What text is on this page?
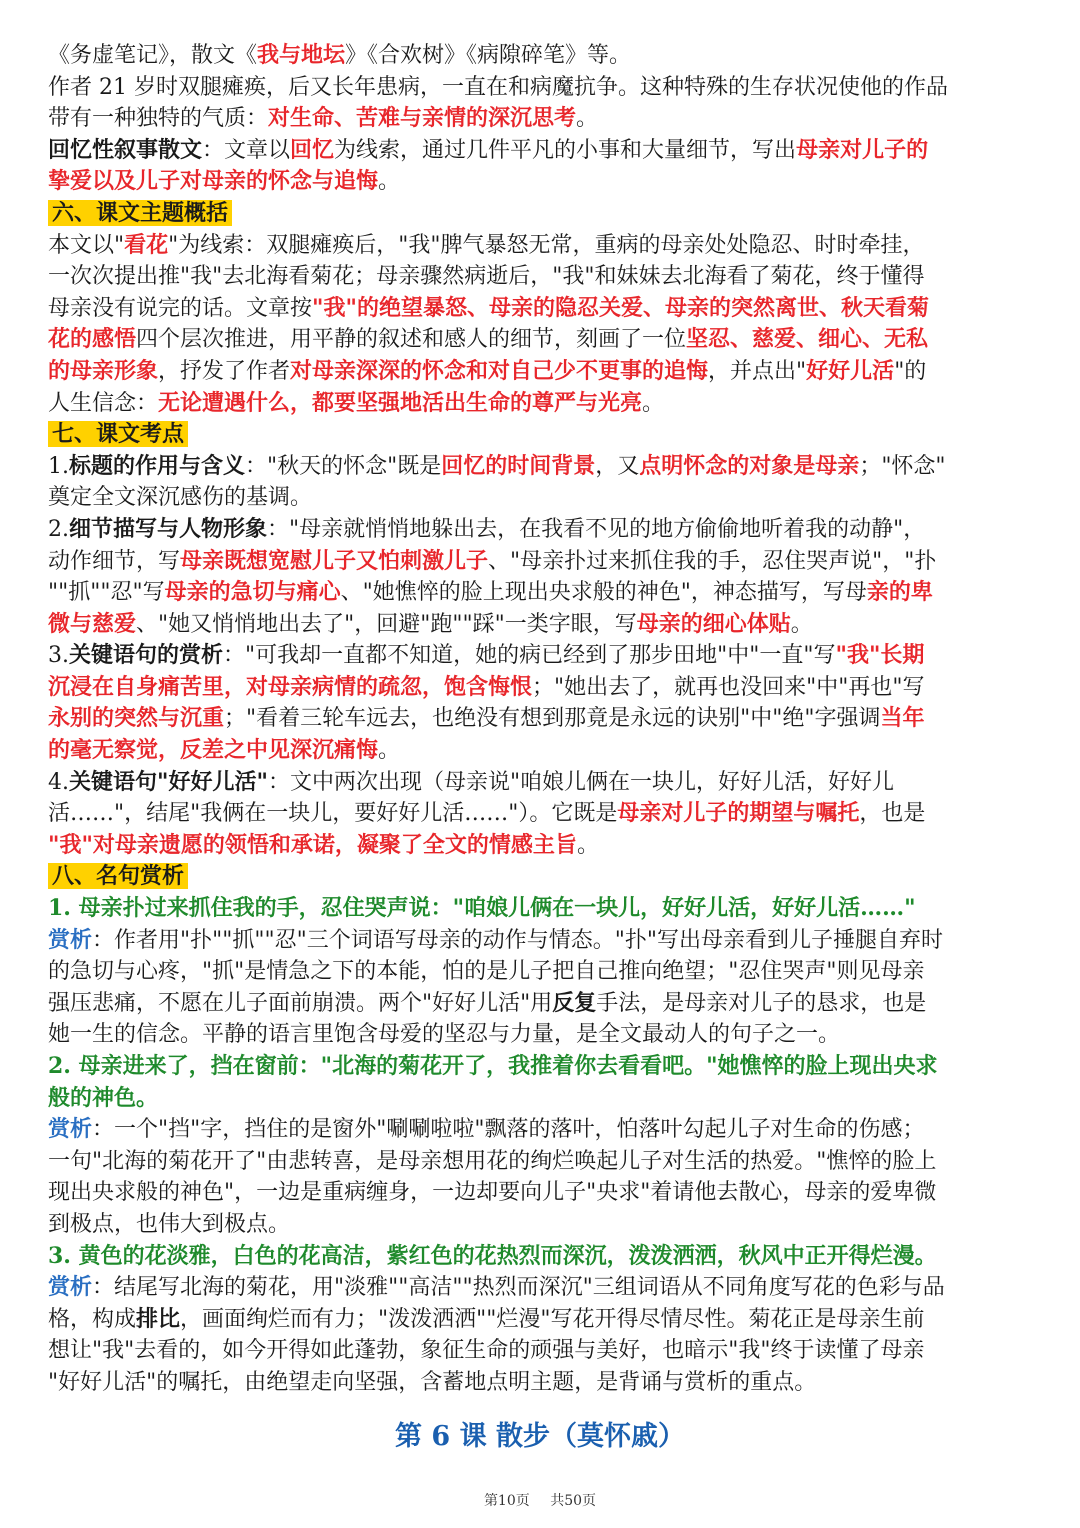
《务虚笔记》，散文《我与地坛》《合欢树》《病隙碎笔》等。
作者 21 岁时双腿瘫痪，后又长年患病，一直在和病魔抗争。这种特殊的生存状况使他的作品
带有一种独特的气质：对生命、苦难与亲情的深沉思考。
回忆性叙事散文：文章以回忆为线索，通过几件平凡的小事和大量细节，写出母亲对儿子的
挚爱以及儿子对母亲的怀念与追悔。
六、课文主题概括
本文以"看花"为线索：双腿瘫痪后，"我"脾气暴怒无常，重病的母亲处处隐忍、时时牵挂，
一次次提出推"我"去北海看菊花；母亲骤然病逝后，"我"和妹妹去北海看了菊花，终于懂得
母亲没有说完的话。文章按"我"的绝望暴怒、母亲的隐忍关爱、母亲的突然离世、秋天看菊
花的感悟四个层次推进，用平静的叙述和感人的细节，刻画了一位坚忍、慈爱、细心、无私
的母亲形象，抒发了作者对母亲深深的怀念和对自己少不更事的追悔，并点出"好好儿活"的
人生信念：无论遭遇什么，都要坚强地活出生命的尊严与光亮。
七、课文考点
1.标题的作用与含义："秋天的怀念"既是回忆的时间背景，又点明怀念的对象是母亲；"怀念"
奠定全文深沉感伤的基调。
2.细节描写与人物形象："母亲就悄悄地躲出去，在我看不见的地方偷偷地听着我的动静"，
动作细节，写母亲既想宽慰儿子又怕刺激儿子、"母亲扑过来抓住我的手，忍住哭声说"，"扑
""抓""忍"写母亲的急切与痛心、"她憔悴的脸上现出央求般的神色"，神态描写，写母亲的卑
微与慈爱、"她又悄悄地出去了"，回避"跑""踩"一类字眼，写母亲的细心体贴。
3.关键语句的赏析："可我却一直都不知道，她的病已经到了那步田地"中"一直"写"我"长期
沉浸在自身痛苦里，对母亲病情的疏忽，饱含悔恨；"她出去了，就再也没回来"中"再也"写
永别的突然与沉重；"看着三轮车远去，也绝没有想到那竟是永远的诀别"中"绝"字强调当年
的毫无察觉，反差之中见深沉痛悔。
4.关键语句"好好儿活"：文中两次出现（母亲说"咱娘儿俩在一块儿，好好儿活，好好儿
活……"，结尾"我俩在一块儿，要好好儿活……"）。它既是母亲对儿子的期望与嘱托，也是
"我"对母亲遗愿的领悟和承诺，凝聚了全文的情感主旨。
八、名句赏析
1. 母亲扑过来抓住我的手，忍住哭声说："咱娘儿俩在一块儿，好好儿活，好好儿活……"
赏析：作者用"扑""抓""忍"三个词语写母亲的动作与情态。"扑"写出母亲看到儿子捶腿自弃时
的急切与心疼，"抓"是情急之下的本能，怕的是儿子把自己推向绝望；"忍住哭声"则见母亲
强压悲痛，不愿在儿子面前崩溃。两个"好好儿活"用反复手法，是母亲对儿子的恳求，也是
她一生的信念。平静的语言里饱含母爱的坚忍与力量，是全文最动人的句子之一。
2. 母亲进来了，挡在窗前："北海的菊花开了，我推着你去看看吧。"她憔悴的脸上现出央求
般的神色。
赏析：一个"挡"字，挡住的是窗外"唰唰啦啦"飘落的落叶，怕落叶勾起儿子对生命的伤感；
一句"北海的菊花开了"由悲转喜，是母亲想用花的绚烂唤起儿子对生活的热爱。"憔悴的脸上
现出央求般的神色"，一边是重病缠身，一边却要向儿子"央求"着请他去散心，母亲的爱卑微
到极点，也伟大到极点。
3. 黄色的花淡雅，白色的花高洁，紫红色的花热烈而深沉，泼泼洒洒，秋风中正开得烂漫。
赏析：结尾写北海的菊花，用"淡雅""高洁""热烈而深沉"三组词语从不同角度写花的色彩与品
格，构成排比，画面绚烂而有力；"泼泼洒洒""烂漫"写花开得尽情尽性。菊花正是母亲生前
想让"我"去看的，如今开得如此蓬勃，象征生命的顽强与美好，也暗示"我"终于读懂了母亲
"好好儿活"的嘱托，由绝望走向坚强，含蓄地点明主题，是背诵与赏析的重点。
第 6 课 散步（莫怀戚）
第10页 共50页
